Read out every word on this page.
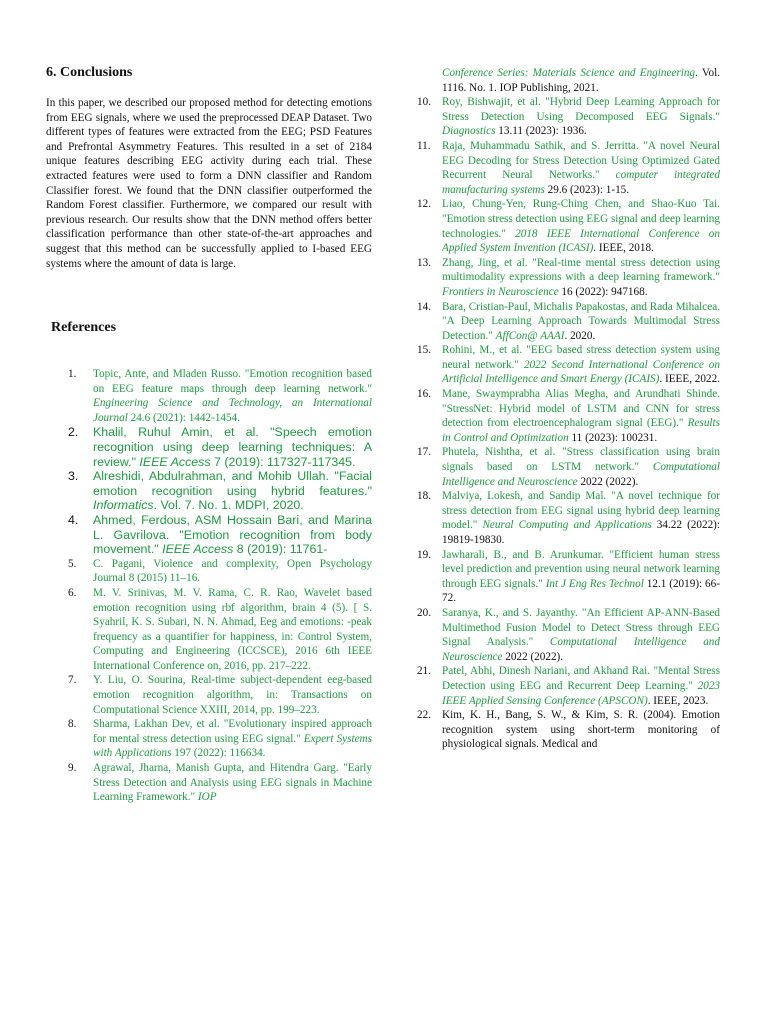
6. Conclusions

In this paper, we described our proposed method for detecting emotions from EEG signals, where we used the preprocessed DEAP Dataset. Two different types of features were extracted from the EEG; PSD Features and Prefrontal Asymmetry Features. This resulted in a set of 2184 unique features describing EEG activity during each trial. These extracted features were used to form a DNN classifier and Random Classifier forest. We found that the DNN classifier outperformed the Random Forest classifier. Furthermore, we compared our result with previous research. Our results show that the DNN method offers better classification performance than other state-of-the-art approaches and suggest that this method can be successfully applied to I-based EEG systems where the amount of data is large.

References
1. Topic, Ante, and Mladen Russo. "Emotion recognition based on EEG feature maps through deep learning network." Engineering Science and Technology, an International Journal 24.6 (2021): 1442-1454.
2. Khalil, Ruhul Amin, et al. "Speech emotion recognition using deep learning techniques: A review." IEEE Access 7 (2019): 117327-117345.
3. Alreshidi, Abdulrahman, and Mohib Ullah. "Facial emotion recognition using hybrid features." Informatics. Vol. 7. No. 1. MDPI, 2020.
4. Ahmed, Ferdous, ASM Hossain Bari, and Marina L. Gavrilova. "Emotion recognition from body movement." IEEE Access 8 (2019): 11761-
5. C. Pagani, Violence and complexity, Open Psychology Journal 8 (2015) 11–16.
6. M. V. Srinivas, M. V. Rama, C. R. Rao, Wavelet based emotion recognition using rbf algorithm, brain 4 (5). [ S. Syahril, K. S. Subari, N. N. Ahmad, Eeg and emotions: -peak frequency as a quantifier for happiness, in: Control System, Computing and Engineering (ICCSCE), 2016 6th IEEE International Conference on, 2016, pp. 217–222.
7. Y. Liu, O. Sourina, Real-time subject-dependent eeg-based emotion recognition algorithm, in: Transactions on Computational Science XXIII, 2014, pp. 199–223.
8. Sharma, Lakhan Dev, et al. "Evolutionary inspired approach for mental stress detection using EEG signal." Expert Systems with Applications 197 (2022): 116634.
9. Agrawal, Jharna, Manish Gupta, and Hitendra Garg. "Early Stress Detection and Analysis using EEG signals in Machine Learning Framework." IOP
Conference Series: Materials Science and Engineering. Vol. 1116. No. 1. IOP Publishing, 2021.
10. Roy, Bishwajit, et al. "Hybrid Deep Learning Approach for Stress Detection Using Decomposed EEG Signals." Diagnostics 13.11 (2023): 1936.
11. Raja, Muhammadu Sathik, and S. Jerritta. "A novel Neural EEG Decoding for Stress Detection Using Optimized Gated Recurrent Neural Networks." computer integrated manufacturing systems 29.6 (2023): 1-15.
12. Liao, Chung-Yen, Rung-Ching Chen, and Shao-Kuo Tai. "Emotion stress detection using EEG signal and deep learning technologies." 2018 IEEE International Conference on Applied System Invention (ICASI). IEEE, 2018.
13. Zhang, Jing, et al. "Real-time mental stress detection using multimodality expressions with a deep learning framework." Frontiers in Neuroscience 16 (2022): 947168.
14. Bara, Cristian-Paul, Michalis Papakostas, and Rada Mihalcea. "A Deep Learning Approach Towards Multimodal Stress Detection." AffCon@ AAAI. 2020.
15. Rohini, M., et al. "EEG based stress detection system using neural network." 2022 Second International Conference on Artificial Intelligence and Smart Energy (ICAIS). IEEE, 2022.
16. Mane, Swaymprabha Alias Megha, and Arundhati Shinde. "StressNet: Hybrid model of LSTM and CNN for stress detection from electroencephalogram signal (EEG)." Results in Control and Optimization 11 (2023): 100231.
17. Phutela, Nishtha, et al. "Stress classification using brain signals based on LSTM network." Computational Intelligence and Neuroscience 2022 (2022).
18. Malviya, Lokesh, and Sandip Mal. "A novel technique for stress detection from EEG signal using hybrid deep learning model." Neural Computing and Applications 34.22 (2022): 19819-19830.
19. Jawharali, B., and B. Arunkumar. "Efficient human stress level prediction and prevention using neural network learning through EEG signals." Int J Eng Res Technol 12.1 (2019): 66-72.
20. Saranya, K., and S. Jayanthy. "An Efficient AP-ANN-Based Multimethod Fusion Model to Detect Stress through EEG Signal Analysis." Computational Intelligence and Neuroscience 2022 (2022).
21. Patel, Abhi, Dinesh Nariani, and Akhand Rai. "Mental Stress Detection using EEG and Recurrent Deep Learning." 2023 IEEE Applied Sensing Conference (APSCON). IEEE, 2023.
22. Kim, K. H., Bang, S. W., & Kim, S. R. (2004). Emotion recognition system using short-term monitoring of physiological signals. Medical and
